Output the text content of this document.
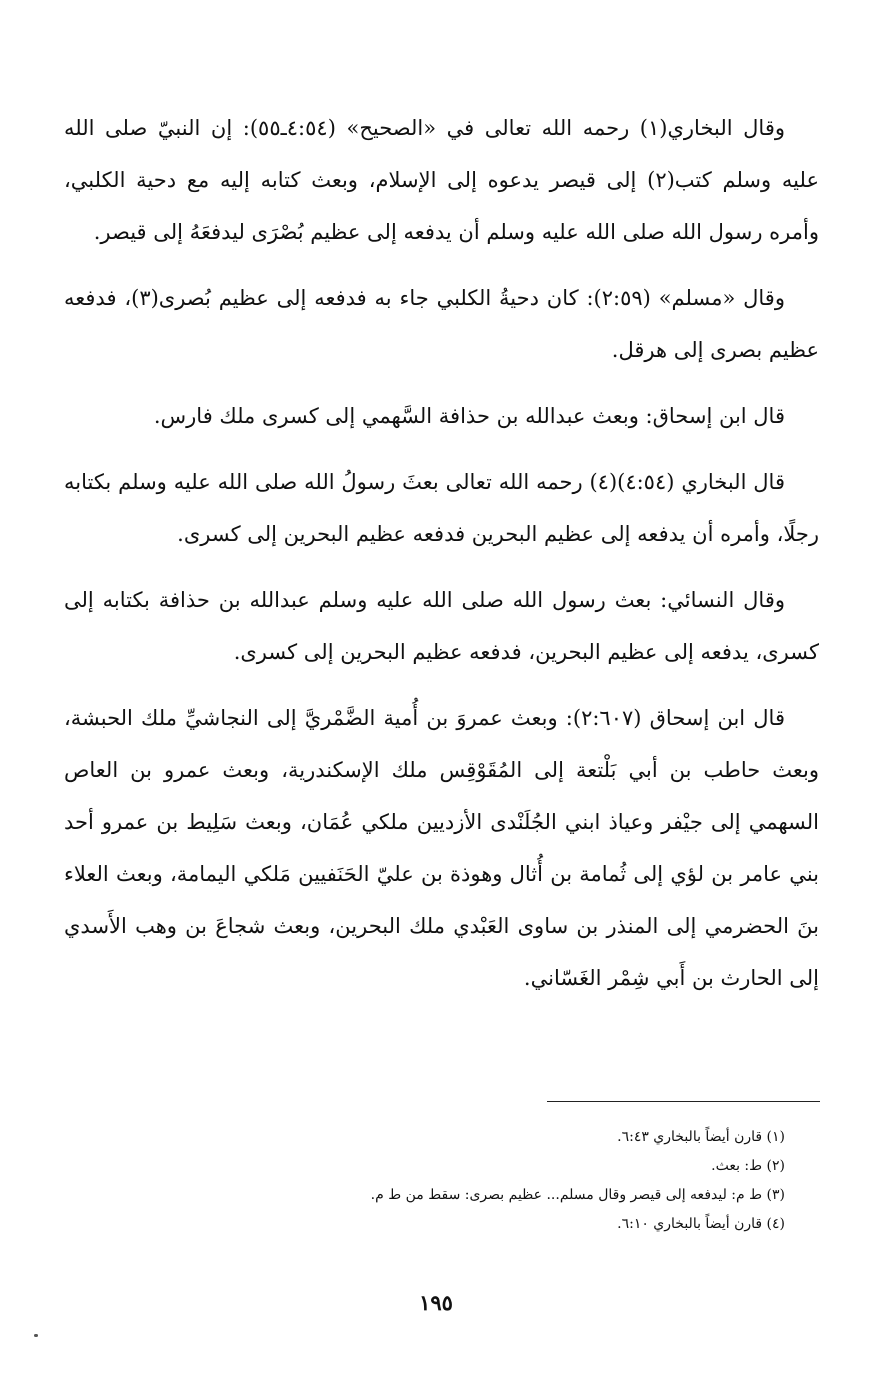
وقال البخاري(١) رحمه الله تعالى في «الصحيح» (٤:٥٤ـ٥٥): إن النبيّ صلى الله عليه وسلم كتب(٢) إلى قيصر يدعوه إلى الإسلام، وبعث كتابه إليه مع دحية الكلبي، وأمره رسول الله صلى الله عليه وسلم أن يدفعه إلى عظيم بُصْرَى ليدفعَهُ إلى قيصر.

وقال «مسلم» (٢:٥٩): كان دحيةُ الكلبي جاء به فدفعه إلى عظيم بُصرى(٣)، فدفعه عظيم بصرى إلى هرقل.

قال ابن إسحاق: وبعث عبدالله بن حذافة السَّهمي إلى كسرى ملك فارس.

قال البخاري (٤:٥٤)(٤) رحمه الله تعالى بعثَ رسولُ الله صلى الله عليه وسلم بكتابه رجلًا، وأمره أن يدفعه إلى عظيم البحرين فدفعه عظيم البحرين إلى كسرى.

وقال النسائي: بعث رسول الله صلى الله عليه وسلم عبدالله بن حذافة بكتابه إلى كسرى، يدفعه إلى عظيم البحرين، فدفعه عظيم البحرين إلى كسرى.

قال ابن إسحاق (٢:٦٠٧): وبعث عمروَ بن أُمية الضَّمْريَّ إلى النجاشيِّ ملك الحبشة، وبعث حاطب بن أبي بَلْتعة إلى المُقَوْقِس ملك الإسكندرية، وبعث عمرو بن العاص السهمي إلى جيْفر وعياذ ابني الجُلَنْدى الأزديين ملكي عُمَان، وبعث سَلِيط بن عمرو أحد بني عامر بن لؤي إلى ثُمامة بن أُثال وهوذة بن عليّ الحَنَفيين مَلكي اليمامة، وبعث العلاء بنَ الحضرمي إلى المنذر بن ساوى العَبْدي ملك البحرين، وبعث شجاعَ بن وهب الأَسدي إلى الحارث بن أَبي شِمْر الغَسّاني.

(١) قارن أيضاً بالبخاري ٦:٤٣.

(٢) ط: بعث.

(٣) ط م: ليدفعه إلى قيصر وقال مسلم... عظيم بصرى: سقط من ط م.

(٤) قارن أيضاً بالبخاري ٦:١٠.

١٩٥
